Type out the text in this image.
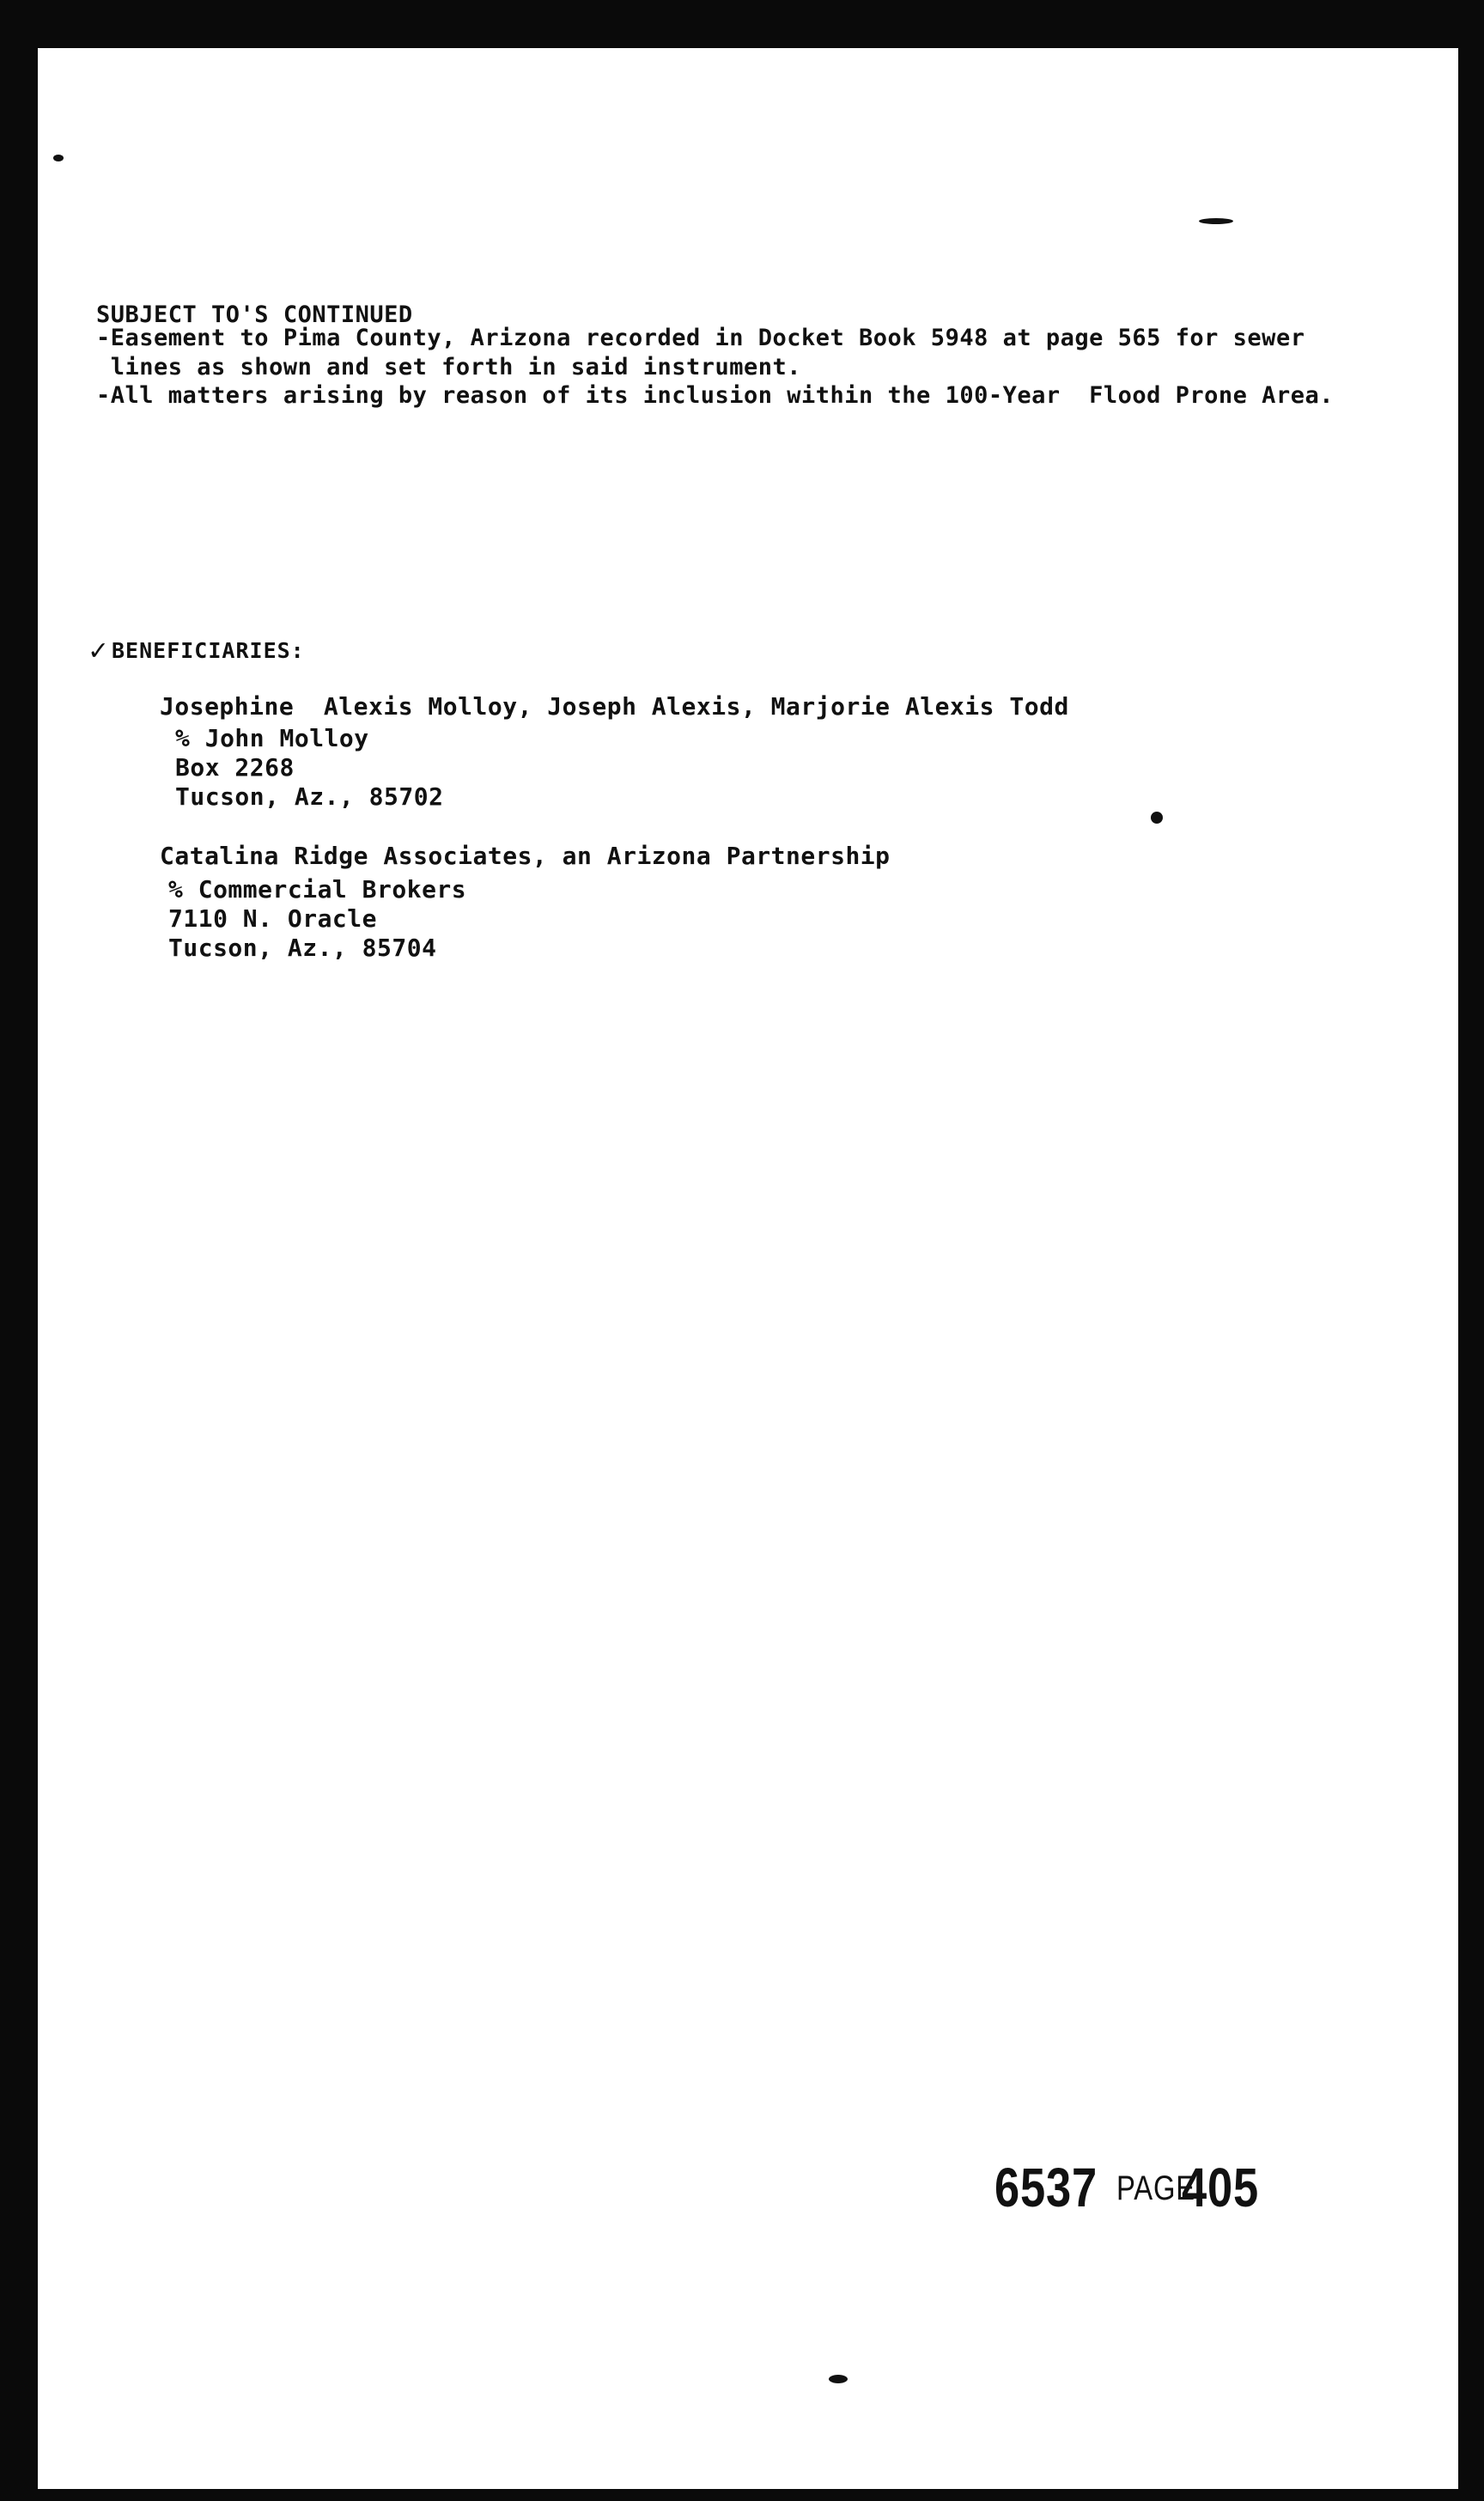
SUBJECT TO'S CONTINUED
-Easement to Pima County, Arizona recorded in Docket Book 5948 at page 565 for sewer
lines as shown and set forth in said instrument.
-All matters arising by reason of its inclusion within the 100-Year  Flood Prone Area.
✓ BENEFICIARIES:
Josephine  Alexis Molloy, Joseph Alexis, Marjorie Alexis Todd
% John Molloy
Box 2268
Tucson, Az., 85702
Catalina Ridge Associates, an Arizona Partnership
% Commercial Brokers
7110 N. Oracle
Tucson, Az., 85704
6537 PAGE
405
